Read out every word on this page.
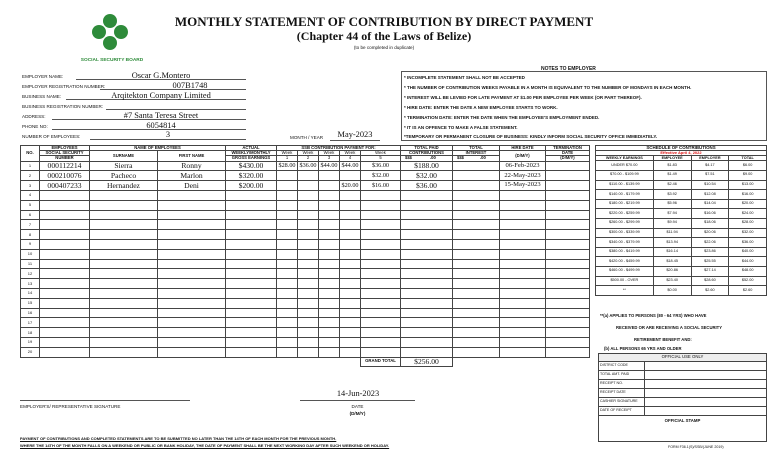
SOCIAL SECURITY BOARD
MONTHLY STATEMENT OF CONTRIBUTION BY DIRECT PAYMENT
(Chapter 44 of the Laws of Belize)
(to be completed in duplicate)
EMPLOYER NAME:	Oscar G.Montero
EMPLOYER REGISTRATION NUMBER:	007B1748
BUSINESS NAME:	Arqitekton Company Limited
BUSINESS REGISTRATION NUMBER:
ADDRESS:	#7 Santa Teresa Street
PHONE NO:	6054814
NUMBER OF EMPLOYEES:	3	MONTH / YEAR	May-2023
NOTES TO EMPLOYER
* INCOMPLETE STATEMENT SHALL NOT BE ACCEPTED
* THE NUMBER OF CONTRIBUTION WEEKS PAYABLE IN A MONTH IS EQUIVALENT TO THE NUMBER OF MONDAYS IN EACH MONTH.
* INTEREST WILL BE LEVIED FOR LATE PAYMENT AT $1.00 PER EMPLOYEE PER WEEK (OR PART THEREOF).
* HIRE DATE: ENTER THE DATE A NEW EMPLOYEE STARTS TO WORK.
* TERMINATION DATE: ENTER THE DATE WHEN THE EMPLOYEE'S EMPLOYMENT ENDED.
* IT IS AN OFFENCE TO MAKE A FALSE STATEMENT.
*TEMPORARY OR PERMANENT CLOSURE OF BUSINESS: KINDLY INFORM SOCIAL SECURITY OFFICE IMMEDIATELY.
NO.	EMPLOYEES	NAME OF EMPLOYEES		ACTUAL	SSB CONTRIBUTION PAYMENT FOR:					TOTAL PAID	TOTAL	HIRE DATE	TERMINATION
	SOCIAL SECURITY	SURNAME	FIRST NAME	WEEKLY/MONTHLY	Week	Week	Week	Week	Week	CONTRIBUTIONS	INTEREST	(D/M/Y)	DATE
	NUMBER			GROSS EARNINGS	1	2	3	4	5	$$$ .00	$$$ .00		(D/M/Y)

1	000112214	Sierra	Ronny	$430.00	$28.00	$36.00	$44.00	$44.00	$36.00	$188.00		06-Feb-2023	
2	000210076	Pacheco	Marlon	$320.00					$32.00	$32.00		22-May-2023	
3	000407233	Hernandez	Deni	$200.00				$20.00	$16.00	$36.00		15-May-2023	
4													
5													
6													
7													
8													
9													
10													
11													
12													
13													
14													
15													
16													
17													
18													
19													
20													
									GRAND TOTAL	$256.00			
SCHEDULE OF CONTRIBUTIONS			
Effective April 4, 2022			
WEEKLY EARNINGS	EMPLOYEE	EMPLOYER	TOTAL
UNDER $70.00	$1.83	$4.17	$6.00
$70.00 - $109.99	$1.49	$7.51	$9.00
$110.00 - $139.99	$2.46	$10.54	$13.00
$140.00 - $179.99	$3.92	$12.08	$16.00
$180.00 - $219.99	$5.96	$14.04	$20.00
$220.00 - $259.99	$7.94	$16.06	$24.00
$260.00 - $299.99	$9.94	$18.06	$28.00
$300.00 - $339.99	$11.94	$20.06	$32.00
$340.00 - $379.99	$13.94	$22.06	$36.00
$380.00 - $419.99	$16.14	$23.86	$40.00
$420.00 - $459.99	$18.45	$25.55	$44.00
$460.00 - $499.99	$20.86	$27.14	$48.00
$500.00 - OVER	$23.40	$28.60	$52.00
**	$0.00	$2.60	$2.60
**(a) APPLIES TO PERSONS (80 - 64 YRS) WHO HAVE
RECEIVED OR ARE RECEIVING A SOCIAL SECURITY
RETIREMENT BENEFIT AND:
(b) ALL PERSONS 65 YRS AND OLDER
OFFICIAL USE ONLY	
DISTRICT CODE	
TOTAL AMT. PAID	
RECEIPT NO.	
RECEIPT DATE	
CASHIER SIGNATURE	
DATE OF RECEIPT	
OFFICIAL STAMP	
14-Jun-2023
EMPLOYER'S/ REPRESENTATIVE SIGNATURE	DATE
(D/M/Y)
PAYMENT OF CONTRIBUTIONS AND COMPLETED STATEMENTS ARE TO BE SUBMITTED NO LATER THAN THE 14TH OF EACH MONTH FOR THE PREVIOUS MONTH.
WHERE THE 14TH OF THE MONTH FALLS ON A WEEKEND OR PUBLIC OR BANK HOLIDAY, THE DATE OF PAYMENT SHALL BE THE NEXT WORKING DAY AFTER SUCH WEEKEND OR HOLIDAY.	FORM F36.1(S)/SSB/(JUNE 2019)
